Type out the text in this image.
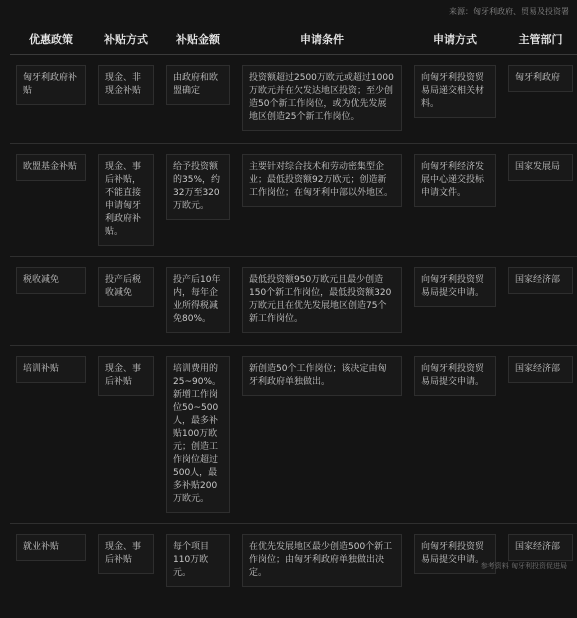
来源：匈牙利政府、贸易及投资署
优惠政策	补贴方式	补贴金额	申请条件	申请方式	主管部门

匈牙利政府补贴	现金、非现金补贴	由政府和欧盟确定	投资额超过2500万欧元或超过1000万欧元并在欠发达地区投资；至少创造50个新工作岗位，或为优先发展地区创造25个新工作岗位。	向匈牙利投资贸易局递交相关材料。	匈牙利政府

欧盟基金补贴	现金、事后补贴，不能直接申请匈牙利政府补贴。	给予投资额的35%，约32万至320万欧元。	主要针对综合技术和劳动密集型企业；最低投资额92万欧元；创造新工作岗位；在匈牙利中部以外地区。	向匈牙利经济发展中心递交投标申请文件。	国家发展局

税收减免	投产后税收减免	投产后10年内，每年企业所得税减免80%。	最低投资额950万欧元且最少创造150个新工作岗位，最低投资额320万欧元且在优先发展地区创造75个新工作岗位。	向匈牙利投资贸易局提交申请。	国家经济部

培训补贴	现金、事后补贴	培训费用的25~90%。新增工作岗位50~500人，最多补贴100万欧元；创造工作岗位超过500人，最多补贴200万欧元。	新创造50个工作岗位；该决定由匈牙利政府单独做出。	向匈牙利投资贸易局提交申请。	国家经济部

就业补贴	现金、事后补贴	每个项目110万欧元。	在优先发展地区最少创造500个新工作岗位；由匈牙利政府单独做出决定。	向匈牙利投资贸易局提交申请。	国家经济部
参考资料 匈牙利投资促进局
